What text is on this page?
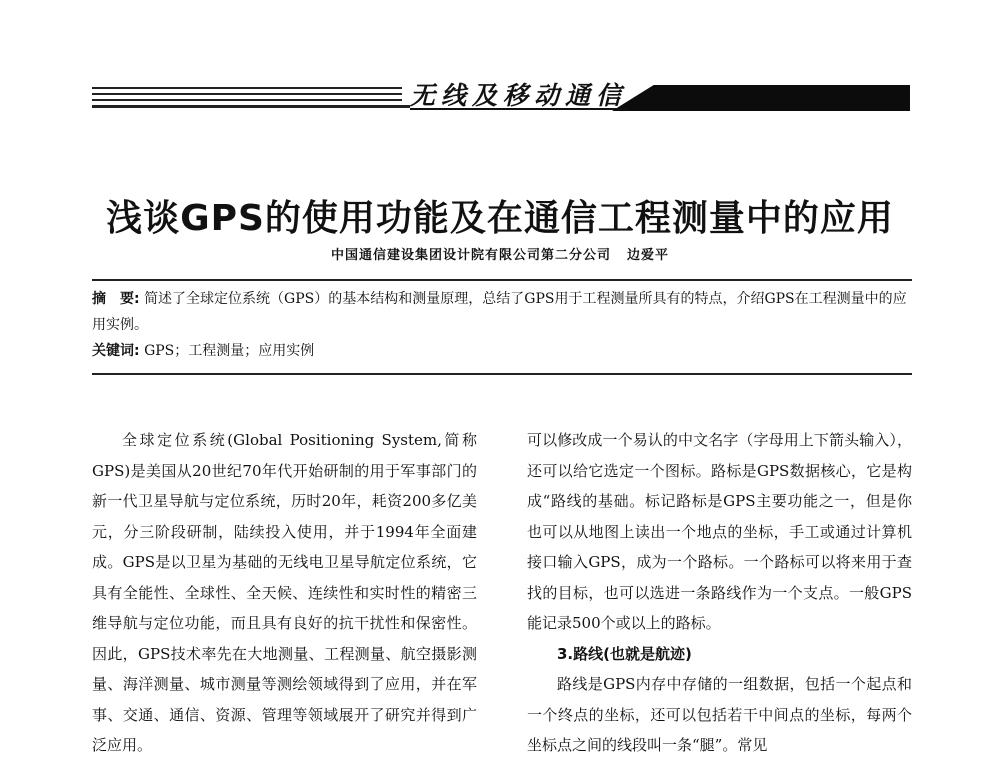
无线及移动通信
浅谈GPS的使用功能及在通信工程测量中的应用
中国通信建设集团设计院有限公司第二分公司 边爱平

摘　要: 简述了全球定位系统（GPS）的基本结构和测量原理，总结了GPS用于工程测量所具有的特点，介绍GPS在工程测量中的应用实例。

关键词: GPS；工程测量；应用实例

全球定位系统(Global Positioning System,简称GPS)是美国从20世纪70年代开始研制的用于军事部门的新一代卫星导航与定位系统，历时20年，耗资200多亿美元，分三阶段研制，陆续投入使用，并于1994年全面建成。GPS是以卫星为基础的无线电卫星导航定位系统，它具有全能性、全球性、全天候、连续性和实时性的精密三维导航与定位功能，而且具有良好的抗干扰性和保密性。因此，GPS技术率先在大地测量、工程测量、航空摄影测量、海洋测量、城市测量等测绘领域得到了应用，并在军事、交通、通信、资源、管理等领域展开了研究并得到广泛应用。

可以修改成一个易认的中文名字（字母用上下箭头输入），还可以给它选定一个图标。路标是GPS数据核心，它是构成“路线的基础。标记路标是GPS主要功能之一，但是你也可以从地图上读出一个地点的坐标，手工或通过计算机接口输入GPS，成为一个路标。一个路标可以将来用于查找的目标，也可以选进一条路线作为一个支点。一般GPS能记录500个或以上的路标。

3.路线(也就是航迹)

路线是GPS内存中存储的一组数据，包括一个起点和一个终点的坐标，还可以包括若干中间点的坐标，每两个坐标点之间的线段叫一条“腿”。常见
